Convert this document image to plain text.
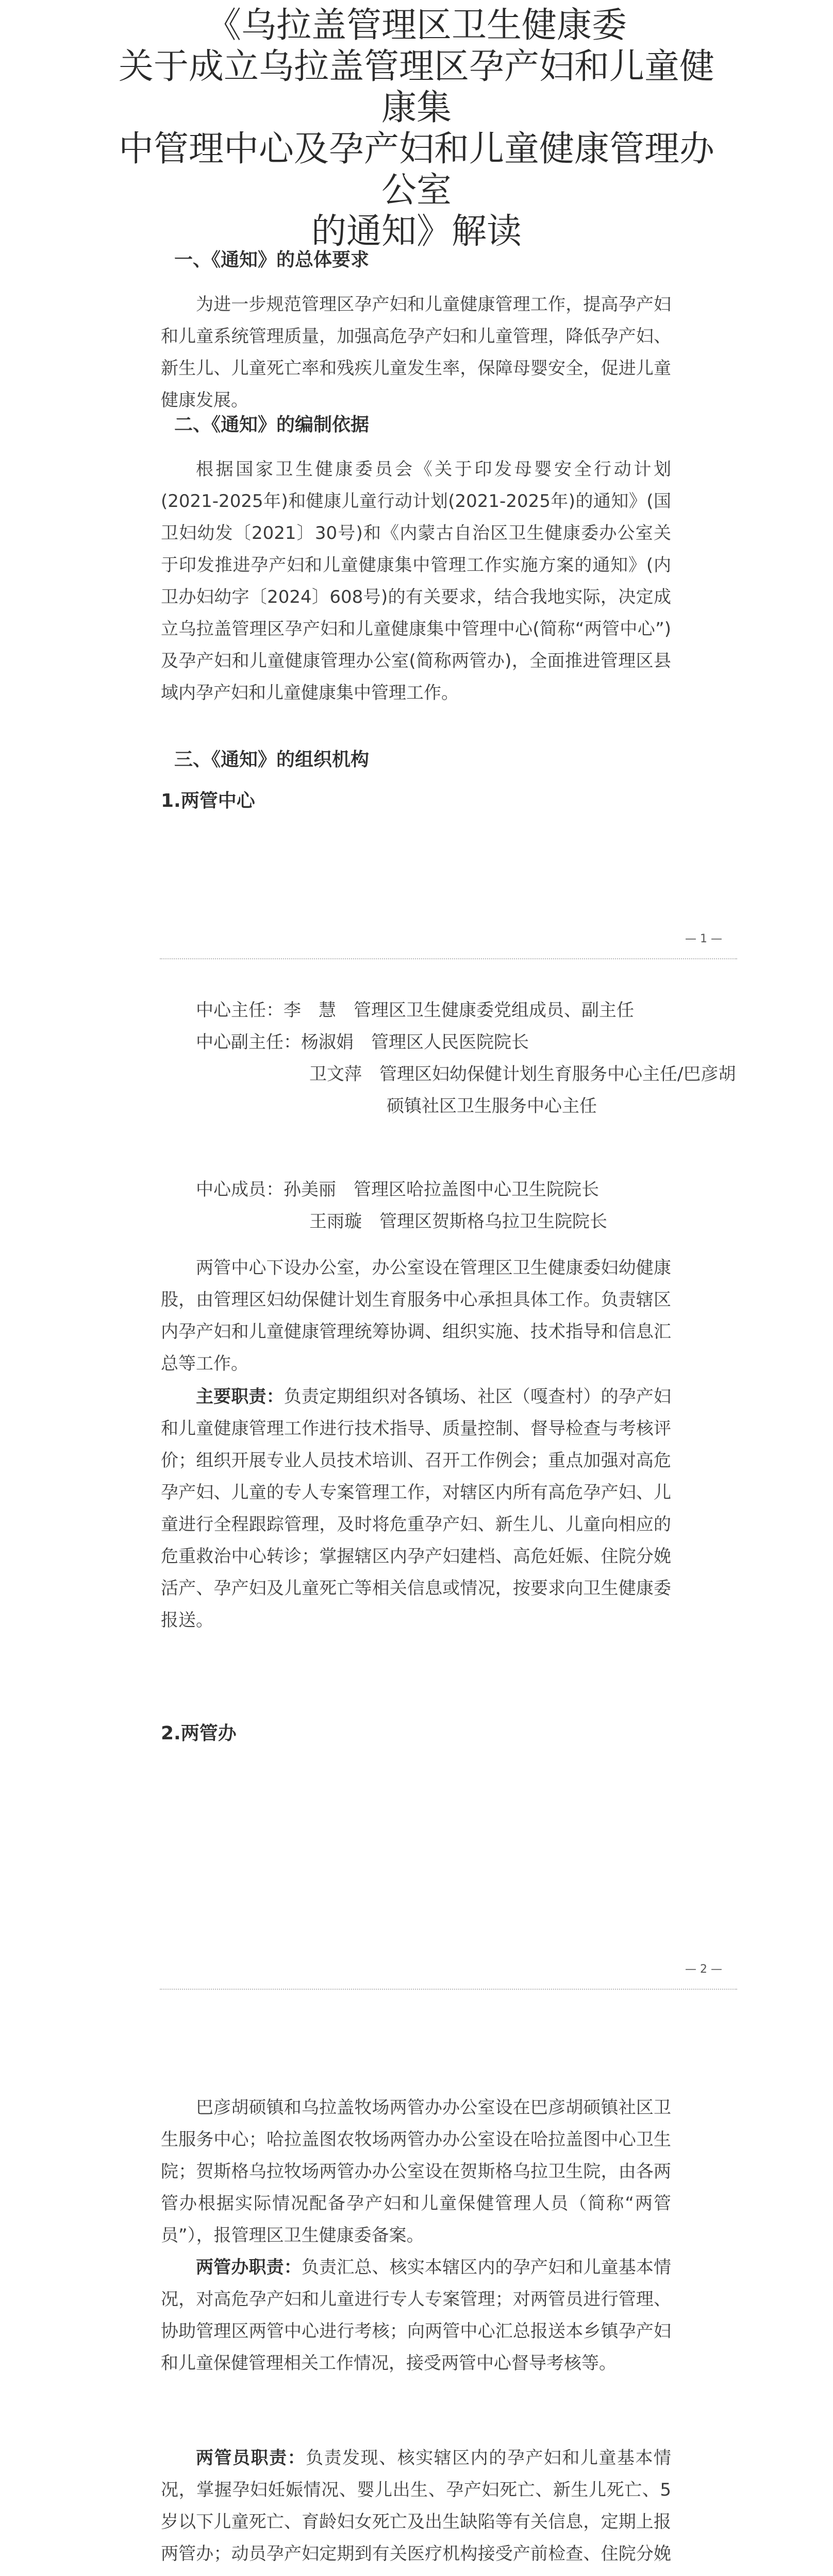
《乌拉盖管理区卫生健康委
关于成立乌拉盖管理区孕产妇和儿童健康集
中管理中心及孕产妇和儿童健康管理办公室
的通知》解读
一、《通知》的总体要求

为进一步规范管理区孕产妇和儿童健康管理工作，提高孕产妇和儿童系统管理质量，加强高危孕产妇和儿童管理，降低孕产妇、新生儿、儿童死亡率和残疾儿童发生率，保障母婴安全，促进儿童健康发展。

二、《通知》的编制依据

根据国家卫生健康委员会《关于印发母婴安全行动计划(2021-2025年)和健康儿童行动计划(2021-2025年)的通知》(国卫妇幼发〔2021〕30号)和《内蒙古自治区卫生健康委办公室关于印发推进孕产妇和儿童健康集中管理工作实施方案的通知》(内卫办妇幼字〔2024〕608号)的有关要求，结合我地实际，决定成立乌拉盖管理区孕产妇和儿童健康集中管理中心(简称“两管中心”)及孕产妇和儿童健康管理办公室(简称两管办)，全面推进管理区县域内孕产妇和儿童健康集中管理工作。

三、《通知》的组织机构
1.两管中心
— 1 —

中心主任：李　慧　管理区卫生健康委党组成员、副主任

中心副主任：杨淑娟　管理区人民医院院长

卫文萍　管理区妇幼保健计划生育服务中心主任/巴彦胡硕镇社区卫生服务中心主任

中心成员：孙美丽　管理区哈拉盖图中心卫生院院长

王雨璇　管理区贺斯格乌拉卫生院院长

两管中心下设办公室，办公室设在管理区卫生健康委妇幼健康股，由管理区妇幼保健计划生育服务中心承担具体工作。负责辖区内孕产妇和儿童健康管理统筹协调、组织实施、技术指导和信息汇总等工作。

主要职责：负责定期组织对各镇场、社区（嘎查村）的孕产妇和儿童健康管理工作进行技术指导、质量控制、督导检查与考核评价；组织开展专业人员技术培训、召开工作例会；重点加强对高危孕产妇、儿童的专人专案管理工作，对辖区内所有高危孕产妇、儿童进行全程跟踪管理，及时将危重孕产妇、新生儿、儿童向相应的危重救治中心转诊；掌握辖区内孕产妇建档、高危妊娠、住院分娩活产、孕产妇及儿童死亡等相关信息或情况，按要求向卫生健康委报送。

2.两管办
— 2 —

巴彦胡硕镇和乌拉盖牧场两管办办公室设在巴彦胡硕镇社区卫生服务中心；哈拉盖图农牧场两管办办公室设在哈拉盖图中心卫生院；贺斯格乌拉牧场两管办办公室设在贺斯格乌拉卫生院，由各两管办根据实际情况配备孕产妇和儿童保健管理人员（简称“两管员”），报管理区卫生健康委备案。

两管办职责：负责汇总、核实本辖区内的孕产妇和儿童基本情况，对高危孕产妇和儿童进行专人专案管理；对两管员进行管理、协助管理区两管中心进行考核；向两管中心汇总报送本乡镇孕产妇和儿童保健管理相关工作情况，接受两管中心督导考核等。

两管员职责：负责发现、核实辖区内的孕产妇和儿童基本情况，掌握孕妇妊娠情况、婴儿出生、孕产妇死亡、新生儿死亡、5岁以下儿童死亡、育龄妇女死亡及出生缺陷等有关信息，定期上报两管办；动员孕产妇定期到有关医疗机构接受产前检查、住院分娩
